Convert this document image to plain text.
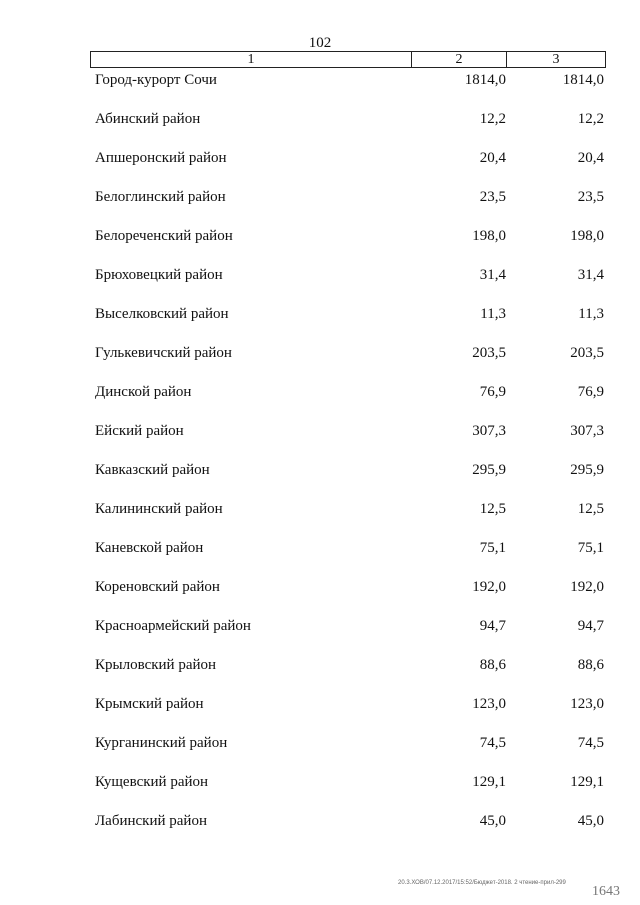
102
1	2	3
Город-курорт Сочи	1814,0	1814,0
Абинский район	12,2	12,2
Апшеронский район	20,4	20,4
Белоглинский район	23,5	23,5
Белореченский район	198,0	198,0
Брюховецкий район	31,4	31,4
Выселковский район	11,3	11,3
Гулькевичский район	203,5	203,5
Динской район	76,9	76,9
Ейский район	307,3	307,3
Кавказский район	295,9	295,9
Калининский район	12,5	12,5
Каневской район	75,1	75,1
Кореновский район	192,0	192,0
Красноармейский район	94,7	94,7
Крыловский район	88,6	88,6
Крымский район	123,0	123,0
Курганинский район	74,5	74,5
Кущевский район	129,1	129,1
Лабинский район	45,0	45,0
20.3.ХОВ/07.12.2017/15:52/Бюджет-2018. 2 чтение-прил-299
1643
